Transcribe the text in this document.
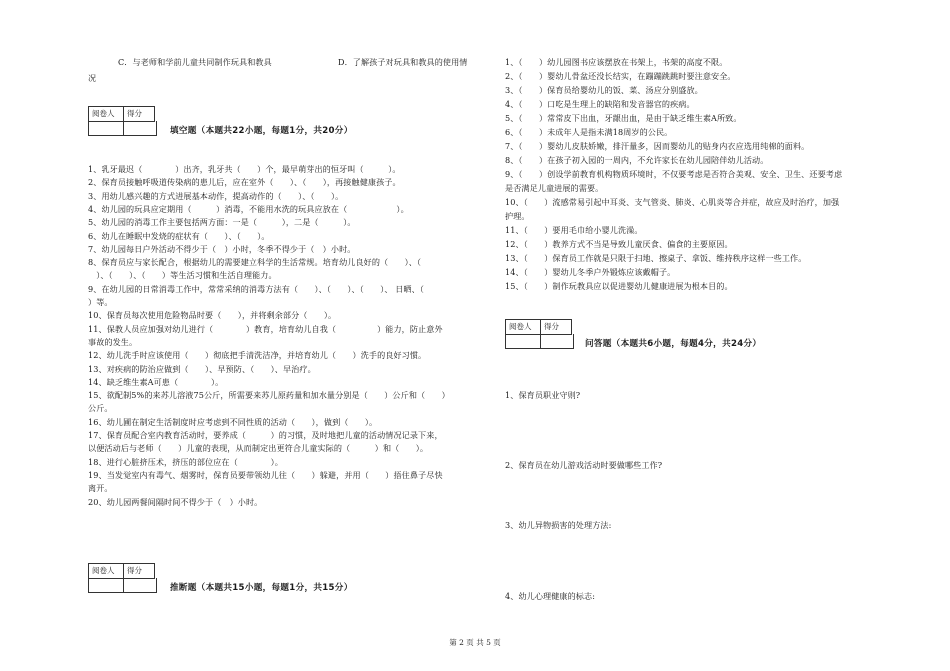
C．与老师和学前儿童共同制作玩具和教具	D．了解孩子对玩具和教具的使用情
况
阅卷人	得分
填空题（本题共22小题，每题1分，共20分）
1、乳牙最迟（　　　　）出齐，乳牙共（　　）个，最早萌芽出的恒牙叫（　　　）。
2、保育员接触呼吸道传染病的患儿后，应在室外（　　）、（　　），再接触健康孩子。
3、用幼儿感兴趣的方式进展基本动作，提高动作的（　　）、（　　）。
4、幼儿园的玩具应定期用（　　　）消毒，不能用水洗的玩具应放在（　　　　　　）。
5、幼儿园的消毒工作主要包括两方面：一是（　　　），二是（　　　）。
6、幼儿在睡眠中发烧的症状有（　　）、（　　）。
7、幼儿园每日户外活动不得少于（　）小时，冬季不得少于（　）小时。
8、保育员应与家长配合，根据幼儿的需要建立科学的生活常规。培育幼儿良好的（　　）、（
　）、（　　）、（　　）等生活习惯和生活自理能力。
9、在幼儿园的日常消毒工作中，常常采纳的消毒方法有（　　）、（　　）、（　　）、 日晒、（　
）等。
10、保育员每次使用危险物品时要（　　），并将剩余部分（　　）。
11、保教人员应加强对幼儿进行（　　　　）教育，培育幼儿自我（　　　　　）能力，防止意外
事故的发生。
12、幼儿洗手时应该使用（　　）彻底把手清洗洁净，并培育幼儿（　　）洗手的良好习惯。
13、对疾病的防治应做到（　　）、早预防、（　　）、早治疗。
14、缺乏维生素A可患（　　　　）。
15、欲配制5%的来苏儿溶液75公斤，所需要来苏儿原药量和加水量分别是（　　）公斤和（　　）
公斤。
16、幼儿圃在制定生活制度时应考虑到不同性质的活动（　　），做到（　　）。
17、保育员配合室内教育活动时，要养成（　　　）的习惯，及时地把儿童的活动情况记录下来，
以便活动后与老师（　　）儿童的表现，从而制定出更符合儿童实际的（　　　）和（　　）。
18、进行心脏挤压术，挤压的部位应在（　　　　）。
19、当发觉室内有毒气、烟雾时，保育员要带领幼儿往（　　）躲避，并用（　　）捂住鼻子尽快
离开。
20、幼儿园两餐间隔时间不得少于（　）小时。
阅卷人	得分
推断题（本题共15小题，每题1分，共15分）
1、（　　）幼儿园图书应该摆放在书架上，书架的高度不限。
2、（　　）婴幼儿骨盆还没长结实，在蹦蹦跳跳时要注意安全。
3、（　　）保育员给婴幼儿的饭、菜、汤应分别盛放。
4、（　　）口吃是生理上的缺陷和发音器官的疾病。
5、（　　）常常皮下出血，牙龈出血，是由于缺乏维生素A所致。
6、（　　）未成年人是指未满18周岁的公民。
7、（　　）婴幼儿皮肤娇嫩，排汗量多，因而婴幼儿的贴身内衣应选用纯棉的面料。
8、（　　）在孩子初入园的一周内，不允许家长在幼儿园陪伴幼儿活动。
9、（　　）创设学前教育机构物质环境时，不仅要考虑是否符合美观、安全、卫生、还要考虑
是否满足儿童进展的需要。
10、（　　）流感常易引起中耳炎、支气管炎、肺炎、心肌炎等合并症，故应及时治疗，加强
护理。
11、（　　）要用毛巾给小婴儿洗澡。
12、（　　）教养方式不当是导致儿童厌食、偏食的主要原因。
13、（　　）保育员工作就是只限于扫地、擦桌子、拿饭、维持秩序这样一些工作。
14、（　　）婴幼儿冬季户外锻炼应该戴帽子。
15、（　　）制作玩教具应以促进婴幼儿健康进展为根本目的。
阅卷人	得分
问答题（本题共6小题，每题4分，共24分）
1、保育员职业守则?
2、保育员在幼儿游戏活动时要做哪些工作?
3、幼儿异物损害的处理方法:
4、幼儿心理健康的标志:
第 2 页 共 5 页
